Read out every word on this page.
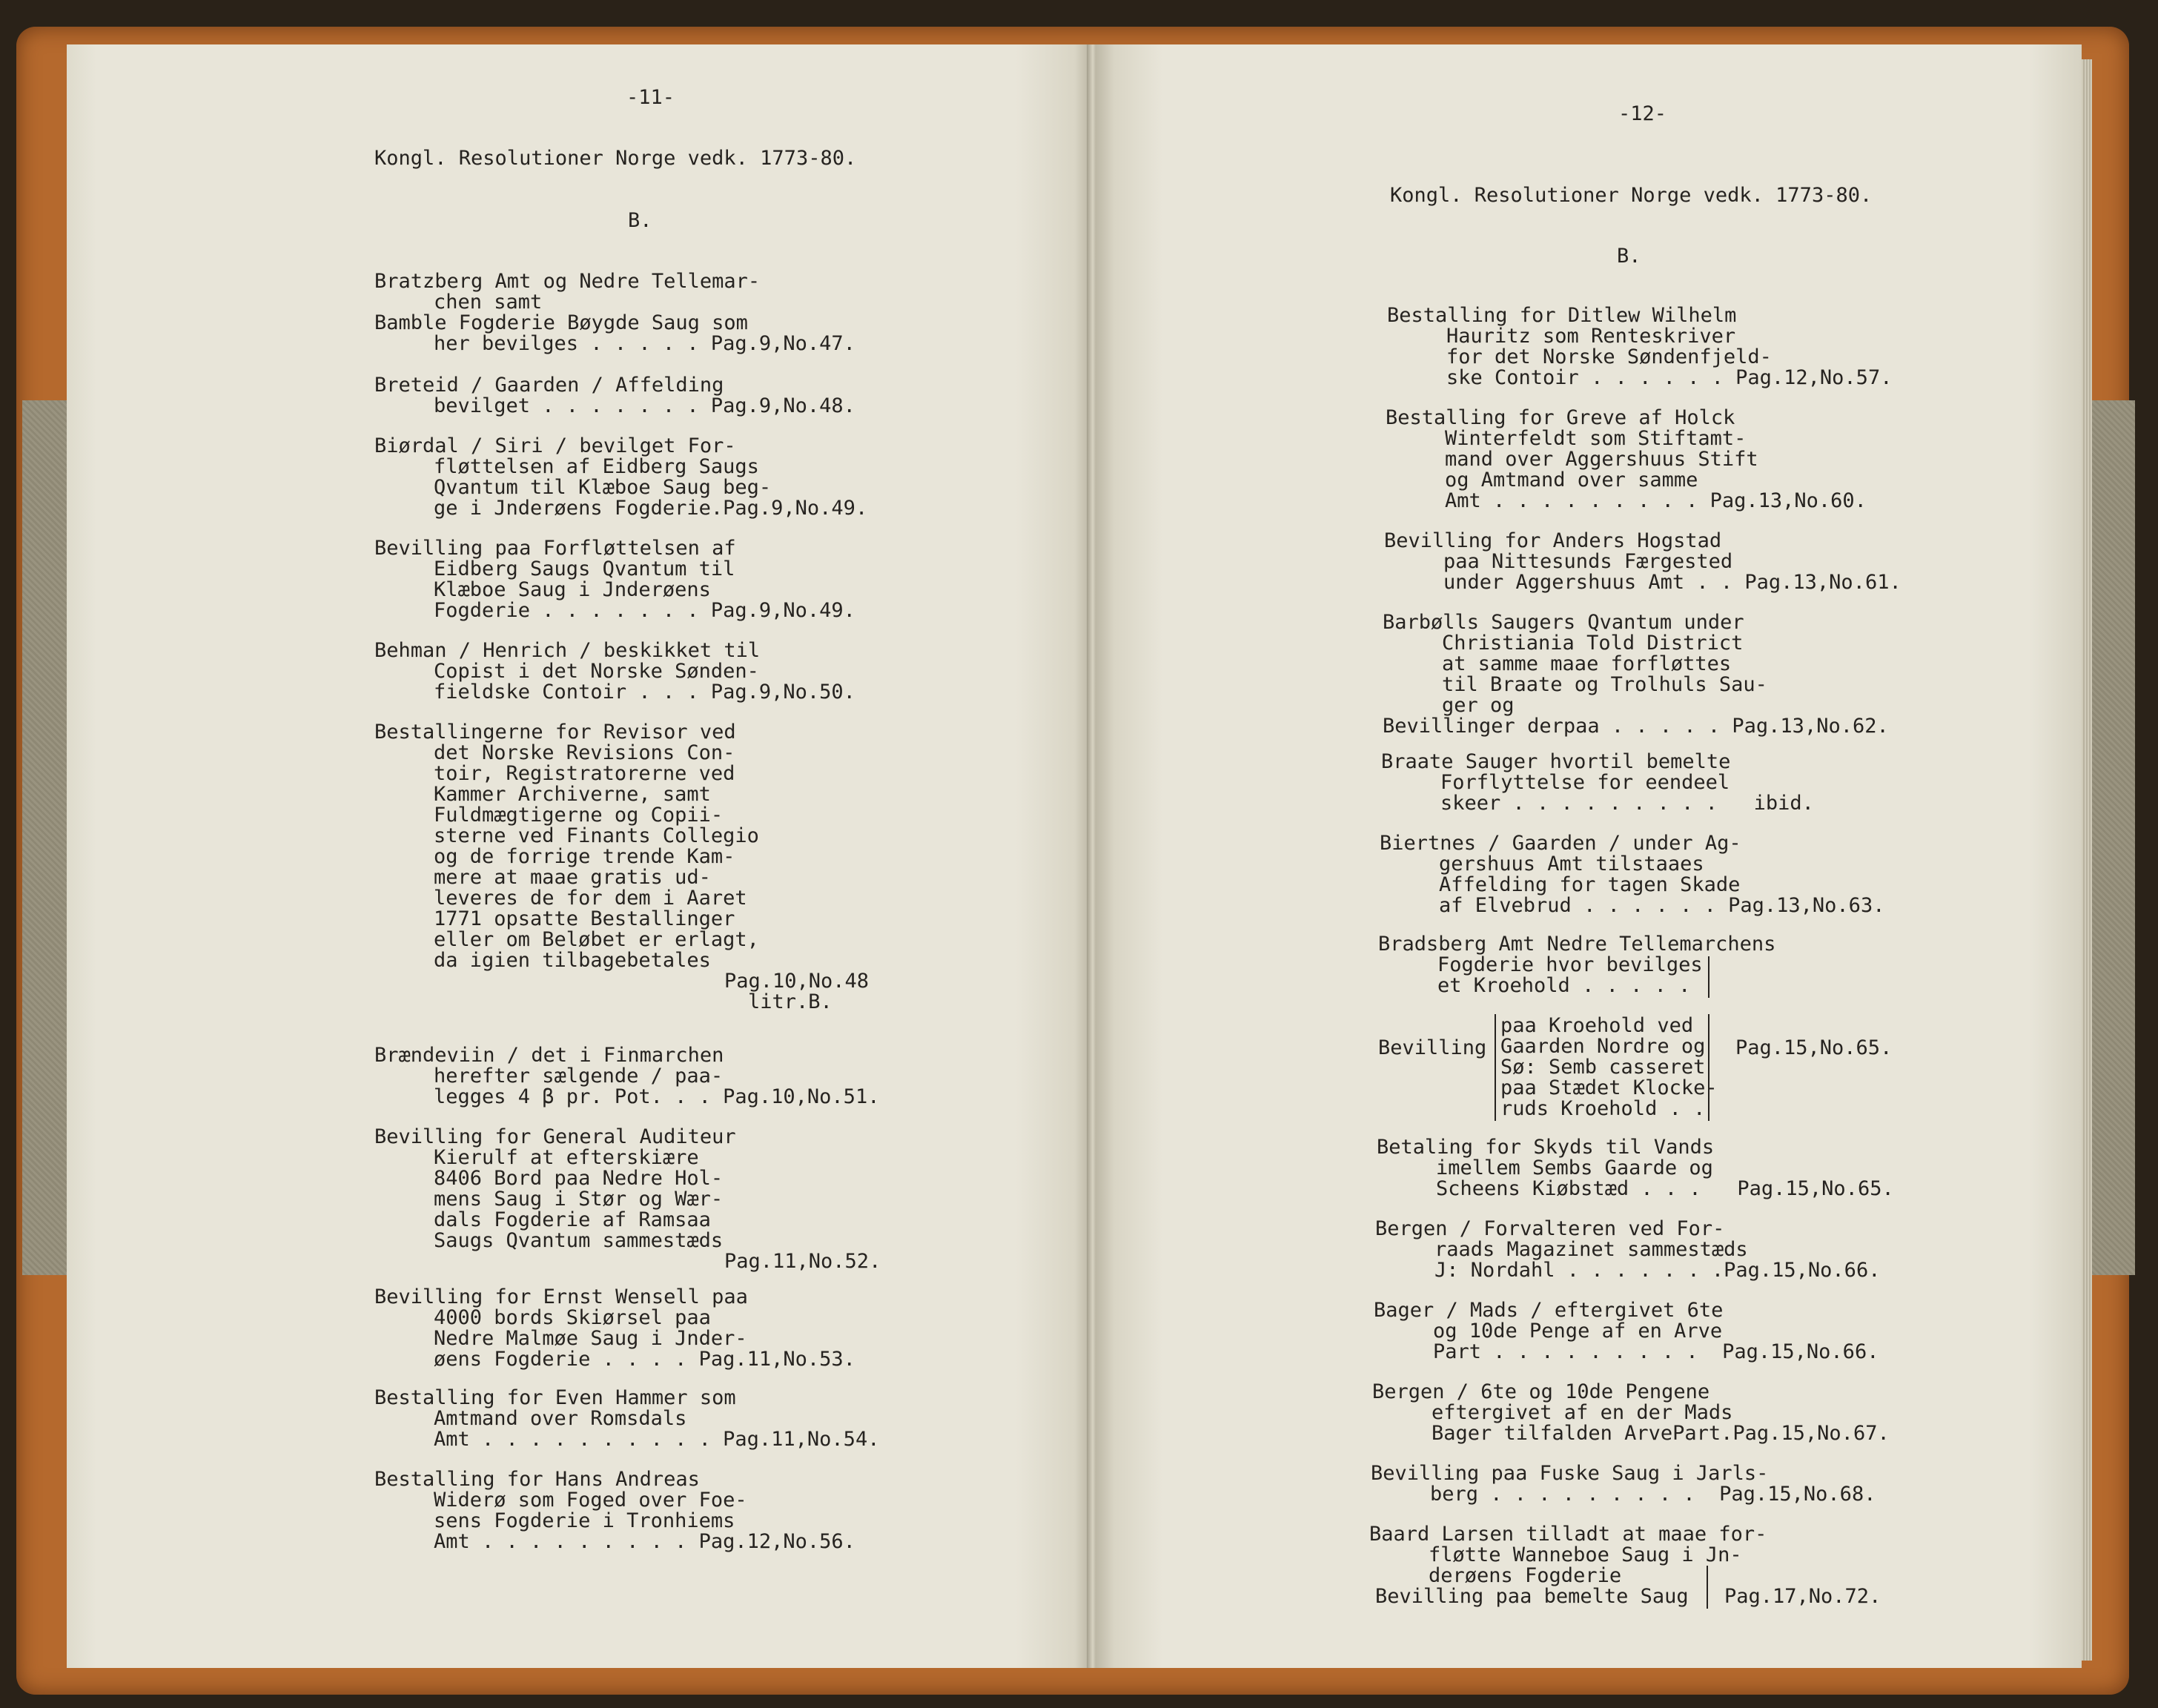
-11-
Kongl. Resolutioner Norge vedk. 1773-80.
B.
Bratzberg Amt og Nedre Tellemar-
chen samt
Bamble Fogderie Bøygde Saug som
her bevilges . . . . . Pag.9,No.47.
Breteid / Gaarden / Affelding
bevilget . . . . . . . Pag.9,No.48.
Biørdal / Siri / bevilget For-
fløttelsen af Eidberg Saugs
Qvantum til Klæboe Saug beg-
ge i Jnderøens Fogderie.Pag.9,No.49.
Bevilling paa Forfløttelsen af
Eidberg Saugs Qvantum til
Klæboe Saug i Jnderøens
Fogderie . . . . . . . Pag.9,No.49.
Behman / Henrich / beskikket til
Copist i det Norske Sønden-
fieldske Contoir . . . Pag.9,No.50.
Bestallingerne for Revisor ved
det Norske Revisions Con-
toir, Registratorerne ved
Kammer Archiverne, samt
Fuldmægtigerne og Copii-
sterne ved Finants Collegio
og de forrige trende Kam-
mere at maae gratis ud-
leveres de for dem i Aaret
1771 opsatte Bestallinger
eller om Beløbet er erlagt,
da igien tilbagebetales
Pag.10,No.48
litr.B.
Brændeviin / det i Finmarchen
herefter sælgende / paa-
legges 4 β pr. Pot. . . Pag.10,No.51.
Bevilling for General Auditeur
Kierulf at efterskiære
8406 Bord paa Nedre Hol-
mens Saug i Stør og Wær-
dals Fogderie af Ramsaa
Saugs Qvantum sammestæds
Pag.11,No.52.
Bevilling for Ernst Wensell paa
4000 bords Skiørsel paa
Nedre Malmøe Saug i Jnder-
øens Fogderie . . . . Pag.11,No.53.
Bestalling for Even Hammer som
Amtmand over Romsdals
Amt . . . . . . . . . . Pag.11,No.54.
Bestalling for Hans Andreas
Widerø som Foged over Foe-
sens Fogderie i Tronhiems
Amt . . . . . . . . . Pag.12,No.56.
-12-
Kongl. Resolutioner Norge vedk. 1773-80.
B.
Bestalling for Ditlew Wilhelm
Hauritz som Renteskriver
for det Norske Søndenfjeld-
ske Contoir . . . . . . Pag.12,No.57.
Bestalling for Greve af Holck
Winterfeldt som Stiftamt-
mand over Aggershuus Stift
og Amtmand over samme
Amt . . . . . . . . . Pag.13,No.60.
Bevilling for Anders Hogstad
paa Nittesunds Færgested
under Aggershuus Amt . . Pag.13,No.61.
Barbølls Saugers Qvantum under
Christiania Told District
at samme maae forfløttes
til Braate og Trolhuls Sau-
ger og
Bevillinger derpaa . . . . . Pag.13,No.62.
Braate Sauger hvortil bemelte
Forflyttelse for eendeel
skeer . . . . . . . . .   ibid.
Biertnes / Gaarden / under Ag-
gershuus Amt tilstaaes
Affelding for tagen Skade
af Elvebrud . . . . . . Pag.13,No.63.
Bradsberg Amt Nedre Tellemarchens
Fogderie hvor bevilges
et Kroehold . . . . .
Bevilling
paa Kroehold ved
Gaarden Nordre og
Sø: Semb casseret
paa Stædet Klocke-
ruds Kroehold . .
Pag.15,No.65.
Betaling for Skyds til Vands
imellem Sembs Gaarde og
Scheens Kiøbstæd . . .   Pag.15,No.65.
Bergen / Forvalteren ved For-
raads Magazinet sammestæds
J: Nordahl . . . . . . .Pag.15,No.66.
Bager / Mads / eftergivet 6te
og 10de Penge af en Arve
Part . . . . . . . . .  Pag.15,No.66.
Bergen / 6te og 10de Pengene
eftergivet af en der Mads
Bager tilfalden ArvePart.Pag.15,No.67.
Bevilling paa Fuske Saug i Jarls-
berg . . . . . . . . .  Pag.15,No.68.
Baard Larsen tilladt at maae for-
fløtte Wanneboe Saug i Jn-
derøens Fogderie
Bevilling paa bemelte Saug	Pag.17,No.72.
